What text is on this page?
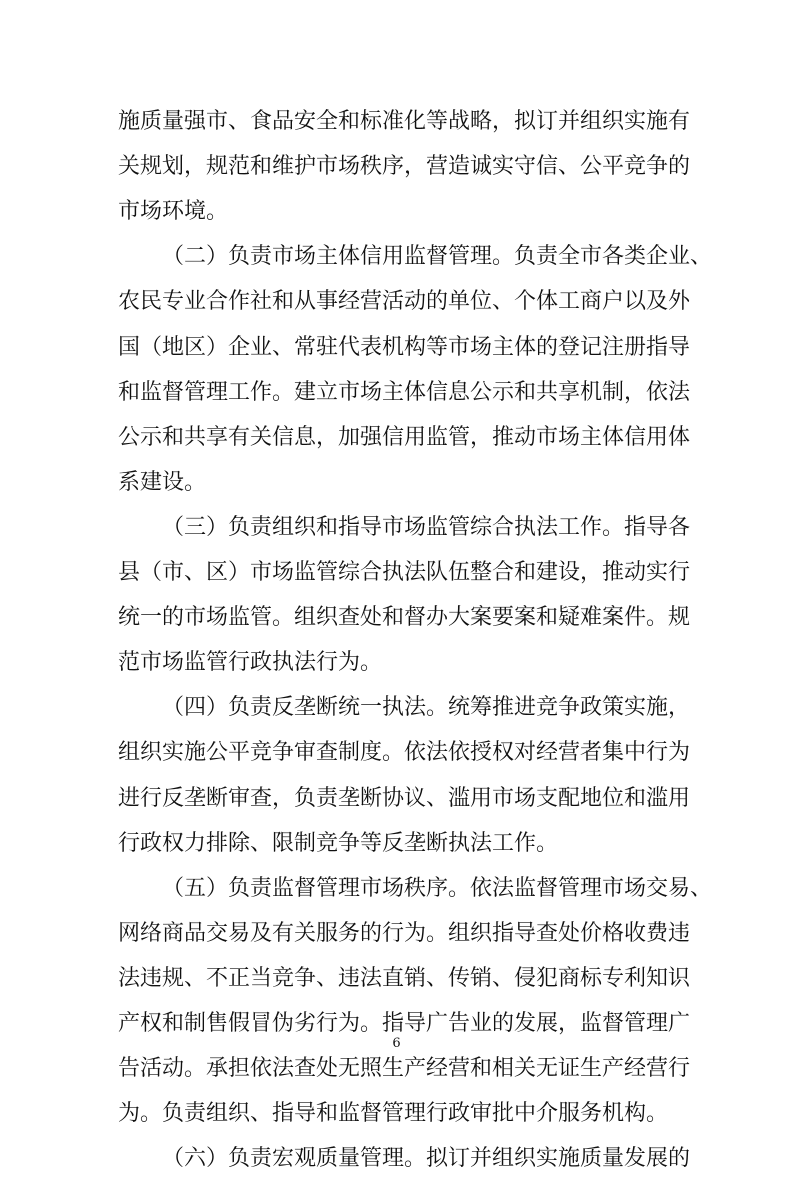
施质量强市、食品安全和标准化等战略，拟订并组织实施有
关规划，规范和维护市场秩序，营造诚实守信、公平竞争的
市场环境。
（二）负责市场主体信用监督管理。负责全市各类企业、
农民专业合作社和从事经营活动的单位、个体工商户以及外
国（地区）企业、常驻代表机构等市场主体的登记注册指导
和监督管理工作。建立市场主体信息公示和共享机制，依法
公示和共享有关信息，加强信用监管，推动市场主体信用体
系建设。
（三）负责组织和指导市场监管综合执法工作。指导各
县（市、区）市场监管综合执法队伍整合和建设，推动实行
统一的市场监管。组织查处和督办大案要案和疑难案件。规
范市场监管行政执法行为。
（四）负责反垄断统一执法。统筹推进竞争政策实施，
组织实施公平竞争审查制度。依法依授权对经营者集中行为
进行反垄断审查，负责垄断协议、滥用市场支配地位和滥用
行政权力排除、限制竞争等反垄断执法工作。
（五）负责监督管理市场秩序。依法监督管理市场交易、
网络商品交易及有关服务的行为。组织指导查处价格收费违
法违规、不正当竞争、违法直销、传销、侵犯商标专利知识
产权和制售假冒伪劣行为。指导广告业的发展，监督管理广
告活动。承担依法查处无照生产经营和相关无证生产经营行
为。负责组织、指导和监督管理行政审批中介服务机构。
（六）负责宏观质量管理。拟订并组织实施质量发展的
6
